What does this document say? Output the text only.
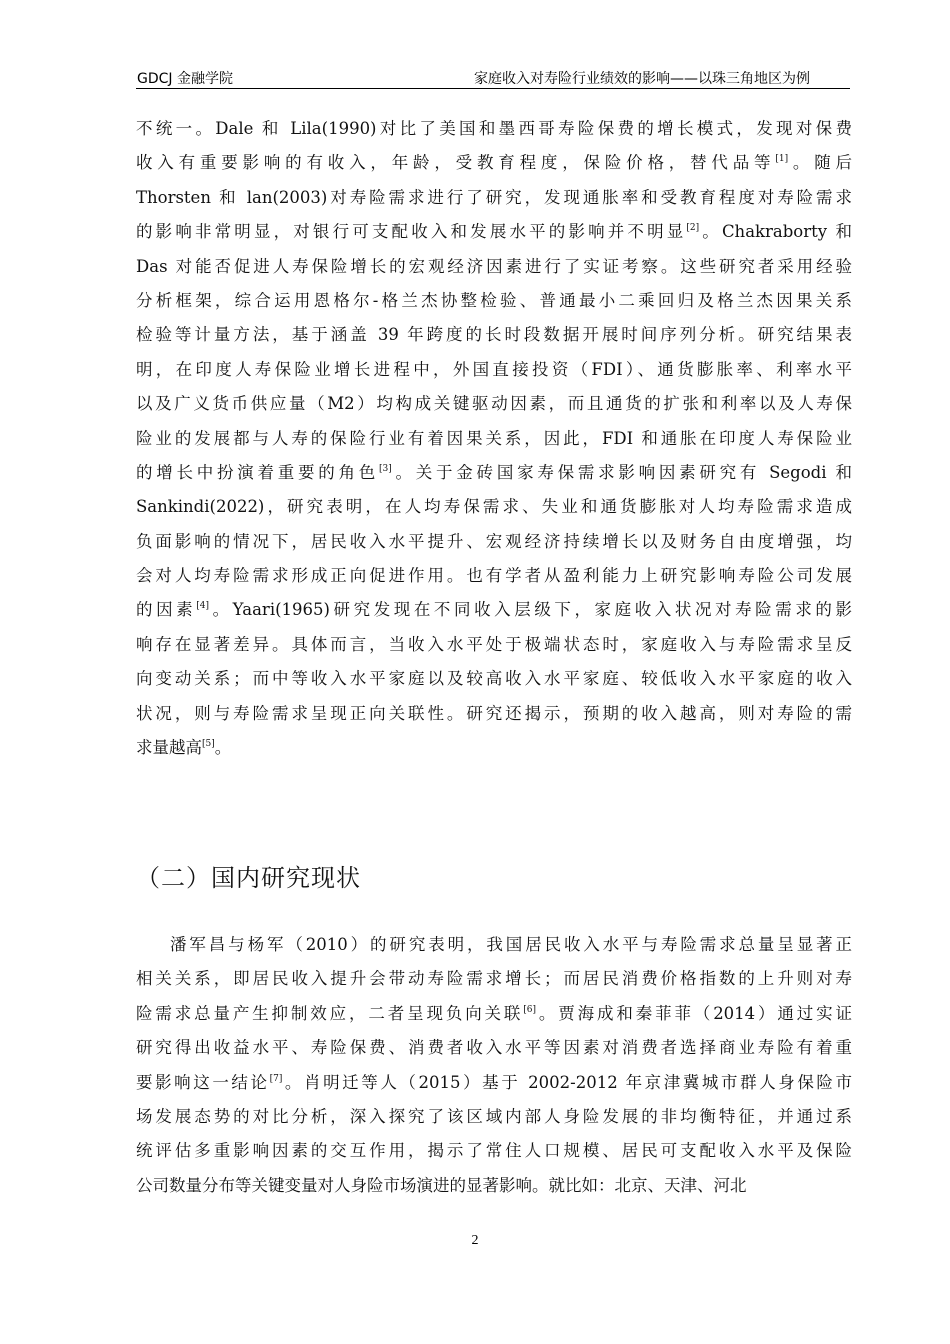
GDCJ 金融学院	家庭收入对寿险行业绩效的影响——以珠三角地区为例
不统一。Dale 和 Lila(1990)对比了美国和墨西哥寿险保费的增长模式，发现对保费
收入有重要影响的有收入，年龄，受教育程度，保险价格，替代品等[1]。随后
Thorsten 和 lan(2003)对寿险需求进行了研究，发现通胀率和受教育程度对寿险需求
的影响非常明显，对银行可支配收入和发展水平的影响并不明显[2]。Chakraborty 和
Das 对能否促进人寿保险增长的宏观经济因素进行了实证考察。这些研究者采用经验
分析框架，综合运用恩格尔-格兰杰协整检验、普通最小二乘回归及格兰杰因果关系
检验等计量方法，基于涵盖 39 年跨度的长时段数据开展时间序列分析。研究结果表
明，在印度人寿保险业增长进程中，外国直接投资（FDI）、通货膨胀率、利率水平
以及广义货币供应量（M2）均构成关键驱动因素，而且通货的扩张和利率以及人寿保
险业的发展都与人寿的保险行业有着因果关系，因此，FDI 和通胀在印度人寿保险业
的增长中扮演着重要的角色[3]。关于金砖国家寿保需求影响因素研究有 Segodi 和
Sankindi(2022)，研究表明，在人均寿保需求、失业和通货膨胀对人均寿险需求造成
负面影响的情况下，居民收入水平提升、宏观经济持续增长以及财务自由度增强，均
会对人均寿险需求形成正向促进作用。也有学者从盈利能力上研究影响寿险公司发展
的因素[4]。Yaari(1965)研究发现在不同收入层级下，家庭收入状况对寿险需求的影
响存在显著差异。具体而言，当收入水平处于极端状态时，家庭收入与寿险需求呈反
向变动关系；而中等收入水平家庭以及较高收入水平家庭、较低收入水平家庭的收入
状况，则与寿险需求呈现正向关联性。研究还揭示，预期的收入越高，则对寿险的需
求量越高[5]。
（二）国内研究现状
潘军昌与杨军（2010）的研究表明，我国居民收入水平与寿险需求总量呈显著正
相关关系，即居民收入提升会带动寿险需求增长；而居民消费价格指数的上升则对寿
险需求总量产生抑制效应，二者呈现负向关联[6]。贾海成和秦菲菲（2014）通过实证
研究得出收益水平、寿险保费、消费者收入水平等因素对消费者选择商业寿险有着重
要影响这一结论[7]。肖明迁等人（2015）基于 2002-2012 年京津冀城市群人身保险市
场发展态势的对比分析，深入探究了该区域内部人身险发展的非均衡特征，并通过系
统评估多重影响因素的交互作用，揭示了常住人口规模、居民可支配收入水平及保险
公司数量分布等关键变量对人身险市场演进的显著影响。就比如：北京、天津、河北
2
